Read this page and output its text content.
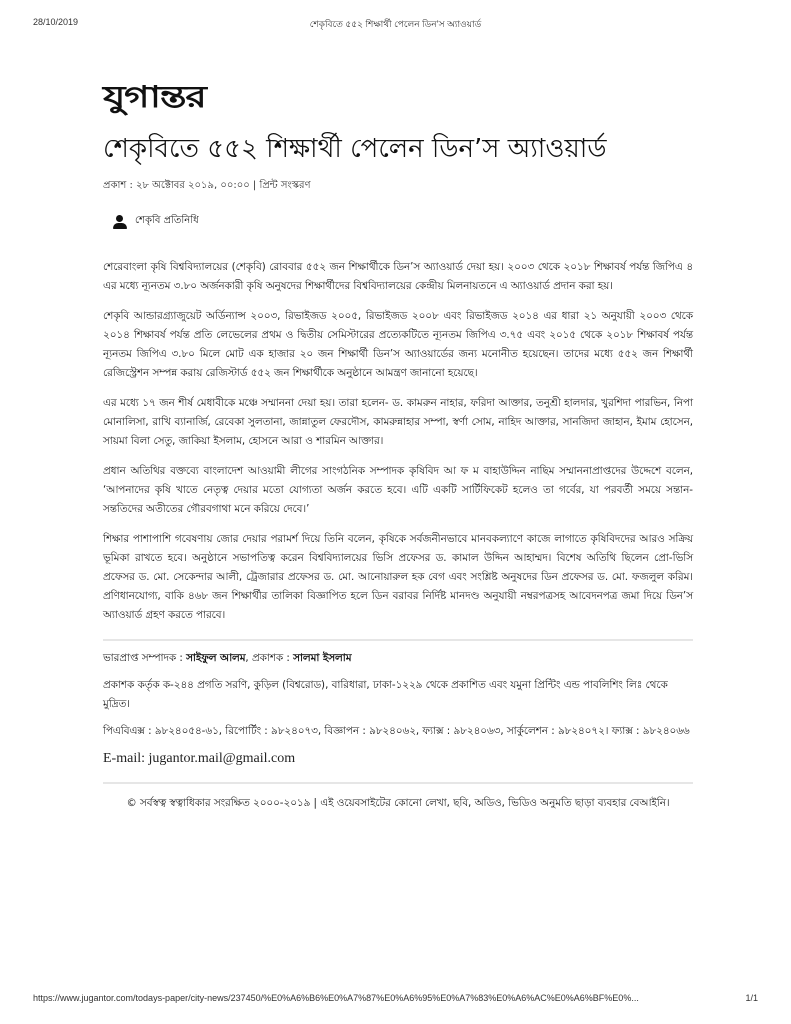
28/10/2019	শেকৃবিতে ৫৫২ শিক্ষার্থী পেলেন ডিন’স অ্যাওয়ার্ড
যুগান্তর
শেকৃবিতে ৫৫২ শিক্ষার্থী পেলেন ডিন’স অ্যাওয়ার্ড
প্রকাশ : ২৮ অক্টোবর ২০১৯, ০০:০০ | প্রিন্ট সংস্করণ
শেকৃবি প্রতিনিধি

শেরেবাংলা কৃষি বিশ্ববিদ্যালয়ের (শেকৃবি) রোববার ৫৫২ জন শিক্ষার্থীকে ডিন’স অ্যাওয়ার্ড দেয়া হয়। ২০০৩ থেকে ২০১৮ শিক্ষাবর্ষ পর্যন্ত জিপিএ ৪ এর মধ্যে ন্যূনতম ৩.৮০ অর্জনকারী কৃষি অনুষদের শিক্ষার্থীদের বিশ্ববিদ্যালয়ের কেন্দ্রীয় মিলনায়তনে এ অ্যাওয়ার্ড প্রদান করা হয়।

শেকৃবি আন্ডারগ্র্যাজুয়েট অর্ডিন্যান্স ২০০৩, রিভাইজড ২০০৫, রিভাইজড ২০০৮ এবং রিভাইজড ২০১৪ এর ধারা ২১ অনুযায়ী ২০০৩ থেকে ২০১৪ শিক্ষাবর্ষ পর্যন্ত প্রতি লেভেলের প্রথম ও দ্বিতীয় সেমিস্টারের প্রত্যেকটিতে ন্যূনতম জিপিএ ৩.৭৫ এবং ২০১৫ থেকে ২০১৮ শিক্ষাবর্ষ পর্যন্ত ন্যূনতম জিপিএ ৩.৮০ মিলে মোট এক হাজার ২০ জন শিক্ষার্থী ডিন’স অ্যাওয়ার্ডের জন্য মনোনীত হয়েছেন। তাদের মধ্যে ৫৫২ জন শিক্ষার্থী রেজিস্ট্রেশন সম্পন্ন করায় রেজিস্টার্ড ৫৫২ জন শিক্ষার্থীকে অনুষ্ঠানে আমন্ত্রণ জানানো হয়েছে।

এর মধ্যে ১৭ জন শীর্ষ মেধাবীকে মঞ্চে সম্মাননা দেয়া হয়। তারা হলেন- ড. কামরুন নাহার, ফরিদা আক্তার, তনুশ্রী হালদার, খুরশিদা পারভিন, নিপা মোনালিসা, রাখি ব্যানার্জি, রেবেকা সুলতানা, জান্নাতুল ফেরদৌস, কামরুন্নাহার সম্পা, স্বর্ণা সোম, নাহিদ আক্তার, সানজিদা জাহান, ইমাম হোসেন, সায়মা বিলা সেতু, জাকিয়া ইসলাম, হোসনে আরা ও শারমিন আক্তার।

প্রধান অতিথির বক্তব্যে বাংলাদেশ আওয়ামী লীগের সাংগঠনিক সম্পাদক কৃষিবিদ আ ফ ম বাহাউদ্দিন নাছিম সম্মাননাপ্রাপ্তদের উদ্দেশে বলেন, ‘আপনাদের কৃষি খাতে নেতৃত্ব দেয়ার মতো যোগ্যতা অর্জন করতে হবে। এটি একটি সার্টিফিকেট হলেও তা গর্বের, যা পরবর্তী সময়ে সন্তান-সন্ততিদের অতীতের গৌরবগাথা মনে করিয়ে দেবে।’

শিক্ষার পাশাপাশি গবেষণায় জোর দেয়ার পরামর্শ দিয়ে তিনি বলেন, কৃষিকে সর্বজনীনভাবে মানবকল্যাণে কাজে লাগাতে কৃষিবিদদের আরও সক্রিয় ভূমিকা রাখতে হবে। অনুষ্ঠানে সভাপতিত্ব করেন বিশ্ববিদ্যালয়ের ভিসি প্রফেসর ড. কামাল উদ্দিন আহাম্মদ। বিশেষ অতিথি ছিলেন প্রো-ভিসি প্রফেসর ড. মো. সেকেন্দার আলী, ট্রেজারার প্রফেসর ড. মো. আনোয়ারুল হক বেগ এবং সংশ্লিষ্ট অনুষদের ডিন প্রফেসর ড. মো. ফজলুল করিম। প্রণিধানযোগ্য, বাকি ৪৬৮ জন শিক্ষার্থীর তালিকা বিজ্ঞাপিত হলে ডিন বরাবর নির্দিষ্ট মানদণ্ড অনুযায়ী নম্বরপত্রসহ আবেদনপত্র জমা দিয়ে ডিন’স অ্যাওয়ার্ড গ্রহণ করতে পারবে।

ভারপ্রাপ্ত সম্পাদক : সাইফুল আলম, প্রকাশক : সালমা ইসলাম

প্রকাশক কর্তৃক ক-২৪৪ প্রগতি সরণি, কুড়িল (বিশ্বরোড), বারিধারা, ঢাকা-১২২৯ থেকে প্রকাশিত এবং যমুনা প্রিন্টিং এন্ড পাবলিশিং লিঃ থেকে মুদ্রিত।

পিএবিএক্স : ৯৮২৪০৫৪-৬১, রিপোর্টিং : ৯৮২৪০৭৩, বিজ্ঞাপন : ৯৮২৪০৬২, ফ্যাক্স : ৯৮২৪০৬৩, সার্কুলেশন : ৯৮২৪০৭২। ফ্যাক্স : ৯৮২৪০৬৬

E-mail: jugantor.mail@gmail.com

© সর্বস্বত্ব স্বত্বাধিকার সংরক্ষিত ২০০০-২০১৯ | এই ওয়েবসাইটের কোনো লেখা, ছবি, অডিও, ভিডিও অনুমতি ছাড়া ব্যবহার বেআইনি।
https://www.jugantor.com/todays-paper/city-news/237450/%E0%A6%B6%E0%A7%87%E0%A6%95%E0%A7%83%E0%A6%AC%E0%A6%BF%E0%...	1/1
